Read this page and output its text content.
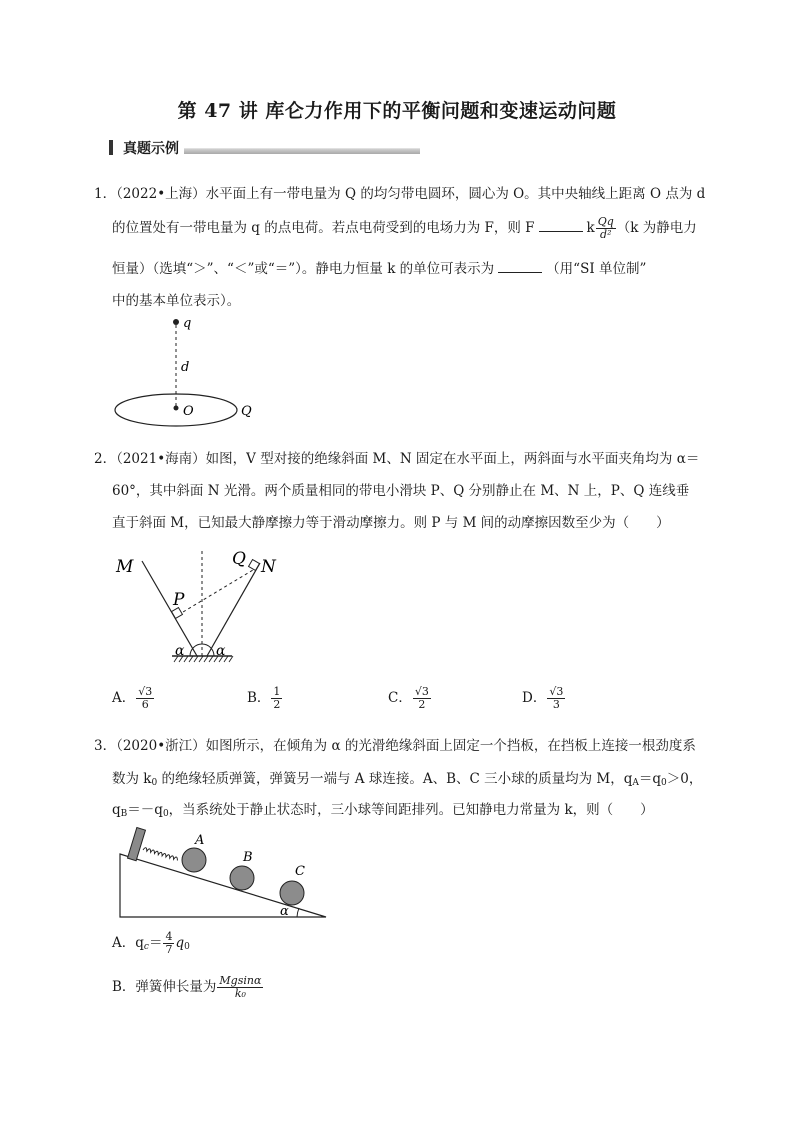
第 47 讲 库仑力作用下的平衡问题和变速运动问题
真题示例
1．（2022•上海）水平面上有一带电量为 Q 的均匀带电圆环，圆心为 O。其中央轴线上距离 O 点为 d
的位置处有一带电量为 q 的点电荷。若点电荷受到的电场力为 F，则 F	k $\frac{Qq}{\text{d²}} (k$ 为静电力
恒量）（选填“＞”、“＜”或“＝”）。静电力恒量 k 的单位可表示为	（用“SI 单位制”
中的基本单位表示）。
q
d
O	Q
2．（2021•海南）如图，V 型对接的绝缘斜面 M、N 固定在水平面上，两斜面与水平面夹角均为 α＝
60°，其中斜面 N 光滑。两个质量相同的带电小滑块 P、Q 分别静止在 M、N 上，P、Q 连线垂
直于斜面 M，已知最大静摩擦力等于滑动摩擦力。则 P 与 M 间的动摩擦因数至少为（　　）
M	N
P
Q
α α
A． $\frac{√3}{6}$	B． $\frac{1}{2}$	C． $\frac{√3}{2}$	D． $\frac{√3}{3}$
3．（2020•浙江）如图所示，在倾角为 α 的光滑绝缘斜面上固定一个挡板，在挡板上连接一根劲度系
数为 $k_0$ 的绝缘轻质弹簧，弹簧另一端与 A 球连接。A、B、C 三小球的质量均为 M，$q_A=q_0>0$，
$q_B=-q_0$，当系统处于静止状态时，三小球等间距排列。已知静电力常量为 k，则（　　）
A
B
C
α
A．$q_c= \frac{4}{7} q_0$
B．弹簧伸长量为 $\frac{Mgsin\alpha}{\text{k₀}}$
